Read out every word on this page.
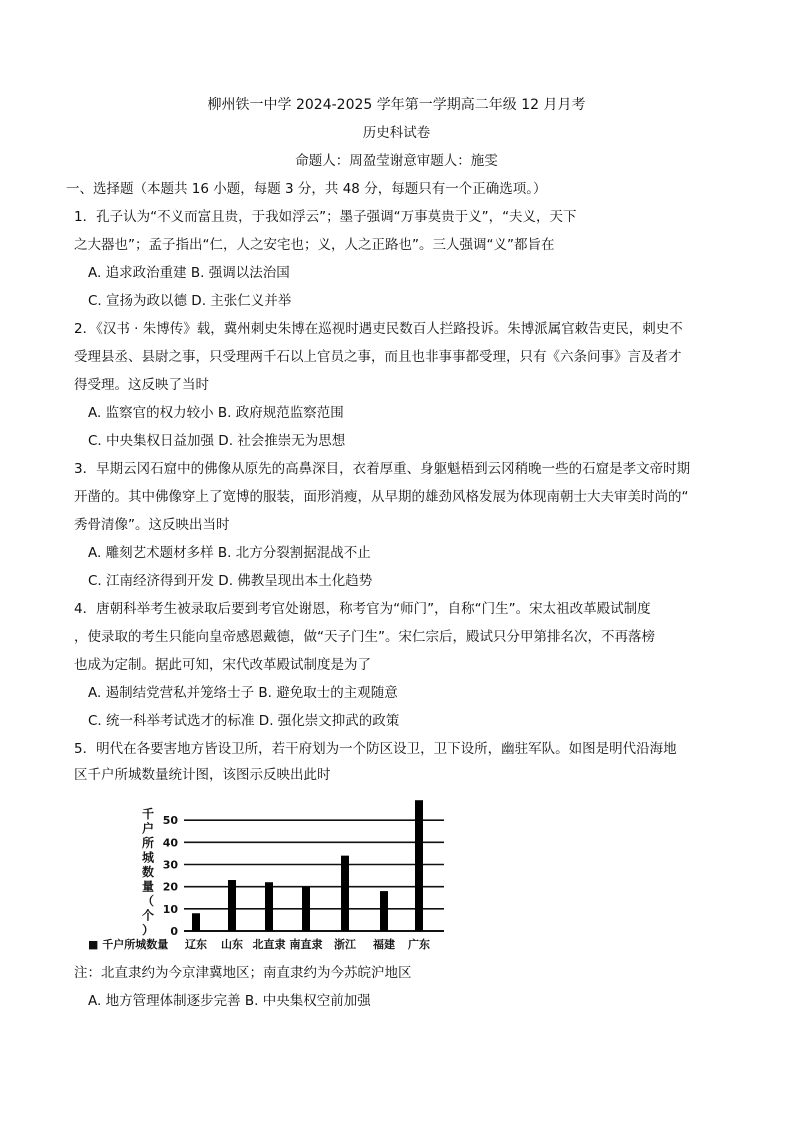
柳州铁一中学 2024-2025 学年第一学期高二年级 12 月月考
历史科试卷
命题人：周盈莹谢意审题人：施雯
一、选择题（本题共 16 小题，每题 3 分，共 48 分，每题只有一个正确选项。）
1．孔子认为“不义而富且贵，于我如浮云”；墨子强调“万事莫贵于义”，“夫义，天下
之大器也”；孟子指出“仁，人之安宅也；义，人之正路也”。三人强调“义”都旨在
A. 追求政治重建 B. 强调以法治国
C. 宣扬为政以德 D. 主张仁义并举
2．《汉书 · 朱博传》载，冀州刺史朱博在巡视时遇吏民数百人拦路投诉。朱博派属官敕告吏民，刺史不
受理县丞、县尉之事，只受理两千石以上官员之事，而且也非事事都受理，只有《六条问事》言及者才
得受理。这反映了当时
A. 监察官的权力较小 B. 政府规范监察范围
C. 中央集权日益加强 D. 社会推崇无为思想
3．早期云冈石窟中的佛像从原先的高鼻深目，衣着厚重、身躯魁梧到云冈稍晚一些的石窟是孝文帝时期
开凿的。其中佛像穿上了宽博的服装，面形消瘦，从早期的雄劲风格发展为体现南朝士大夫审美时尚的“
秀骨清像”。这反映出当时
A. 雕刻艺术题材多样 B. 北方分裂割据混战不止
C. 江南经济得到开发 D. 佛教呈现出本土化趋势
4．唐朝科举考生被录取后要到考官处谢恩，称考官为“师门”，自称“门生”。宋太祖改革殿试制度
，使录取的考生只能向皇帝感恩戴德，做“天子门生”。宋仁宗后，殿试只分甲第排名次，不再落榜
也成为定制。据此可知，宋代改革殿试制度是为了
A. 遏制结党营私并笼络士子 B. 避免取士的主观随意
C. 统一科举考试选才的标准 D. 强化崇文抑武的政策
5．明代在各要害地方皆设卫所，若干府划为一个防区设卫，卫下设所，幽驻军队。如图是明代沿海地
区千户所城数量统计图，该图示反映出此时
0
10
20
30
40
50
辽东 山东 北直隶 南直隶 浙江 福建 广东
千户所城数量（个）
■ 千户所城数量
注：北直隶约为今京津冀地区；南直隶约为今苏皖沪地区
A. 地方管理体制逐步完善 B. 中央集权空前加强
